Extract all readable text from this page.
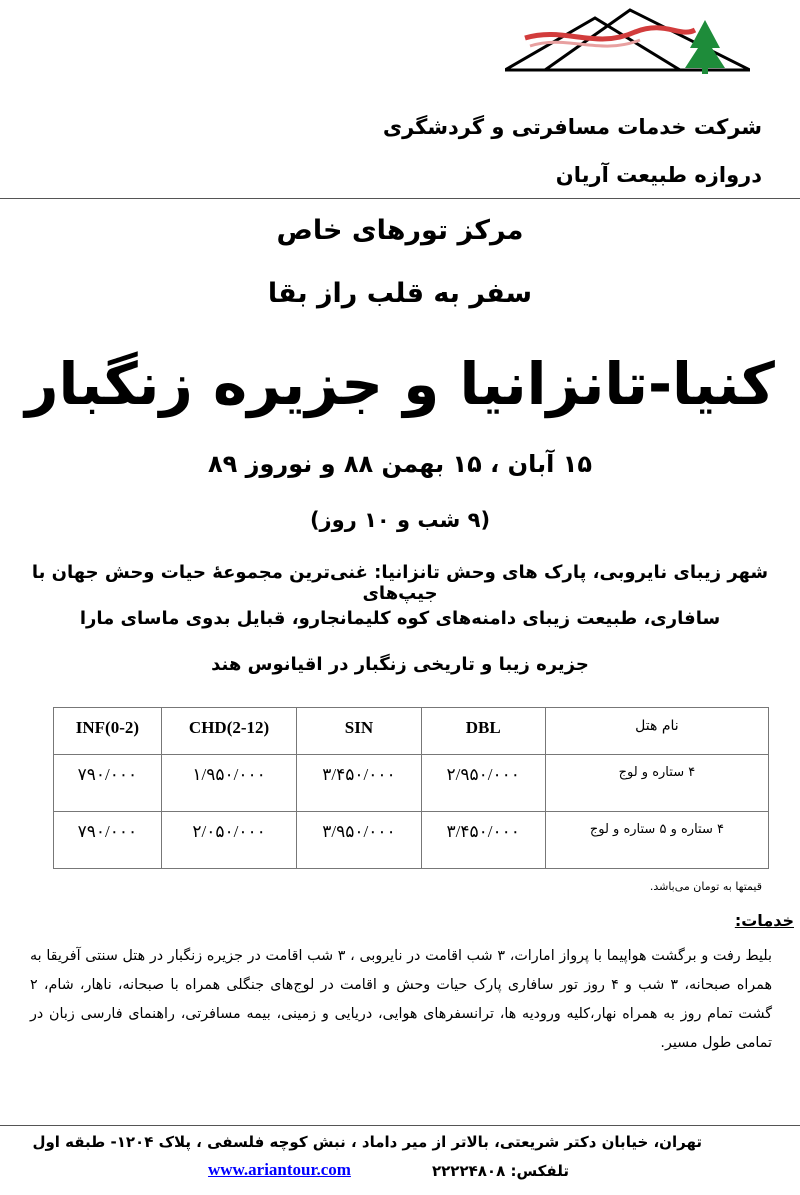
شرکت خدمات مسافرتی و گردشگری
دروازه طبیعت آریان
مرکز تورهای خاص
سفر به قلب راز بقا
کنیا-تانزانیا و جزیره زنگبار
۱۵ آبان ، ۱۵ بهمن ۸۸ و نوروز ۸۹
(۹ شب و ۱۰ روز)
شهر زیبای نایروبی، پارک های وحش تانزانیا: غنی‌ترین مجموعهٔ حیات وحش جهان با جیپ‌های
سافاری، طبیعت زیبای دامنه‌های کوه کلیمانجارو، قبایل بدوی ماسای مارا
جزیره زیبا و تاریخی زنگبار در اقیانوس هند
INF(0-2)	CHD(2-12)	SIN	DBL	نام هتل
۷۹۰/۰۰۰	۱/۹۵۰/۰۰۰	۳/۴۵۰/۰۰۰	۲/۹۵۰/۰۰۰	۴ ستاره و لوج
۷۹۰/۰۰۰	۲/۰۵۰/۰۰۰	۳/۹۵۰/۰۰۰	۳/۴۵۰/۰۰۰	۴ ستاره و ۵ ستاره و لوج
قیمتها به تومان می‌باشد.
خدمات:
بلیط رفت و برگشت هواپیما با پرواز امارات، ۳ شب اقامت در نایروبی ، ۳ شب اقامت در جزیره زنگبار در هتل سنتی آفریقا به همراه صبحانه، ۳ شب و ۴ روز تور سافاری پارک حیات وحش و اقامت در لوج‌های جنگلی همراه با صبحانه، ناهار، شام، ۲ گشت تمام روز به همراه نهار،کلیه ورودیه ها، ترانسفرهای هوایی، دریایی و زمینی، بیمه مسافرتی، راهنمای فارسی زبان در تمامی طول مسیر.
تهران، خیابان دکتر شریعتی، بالاتر از میر داماد ، نبش کوچه فلسفی ، پلاک ۱۲۰۴- طبقه اول
www.ariantour.com	تلفکس: ۲۲۲۲۴۸۰۸
